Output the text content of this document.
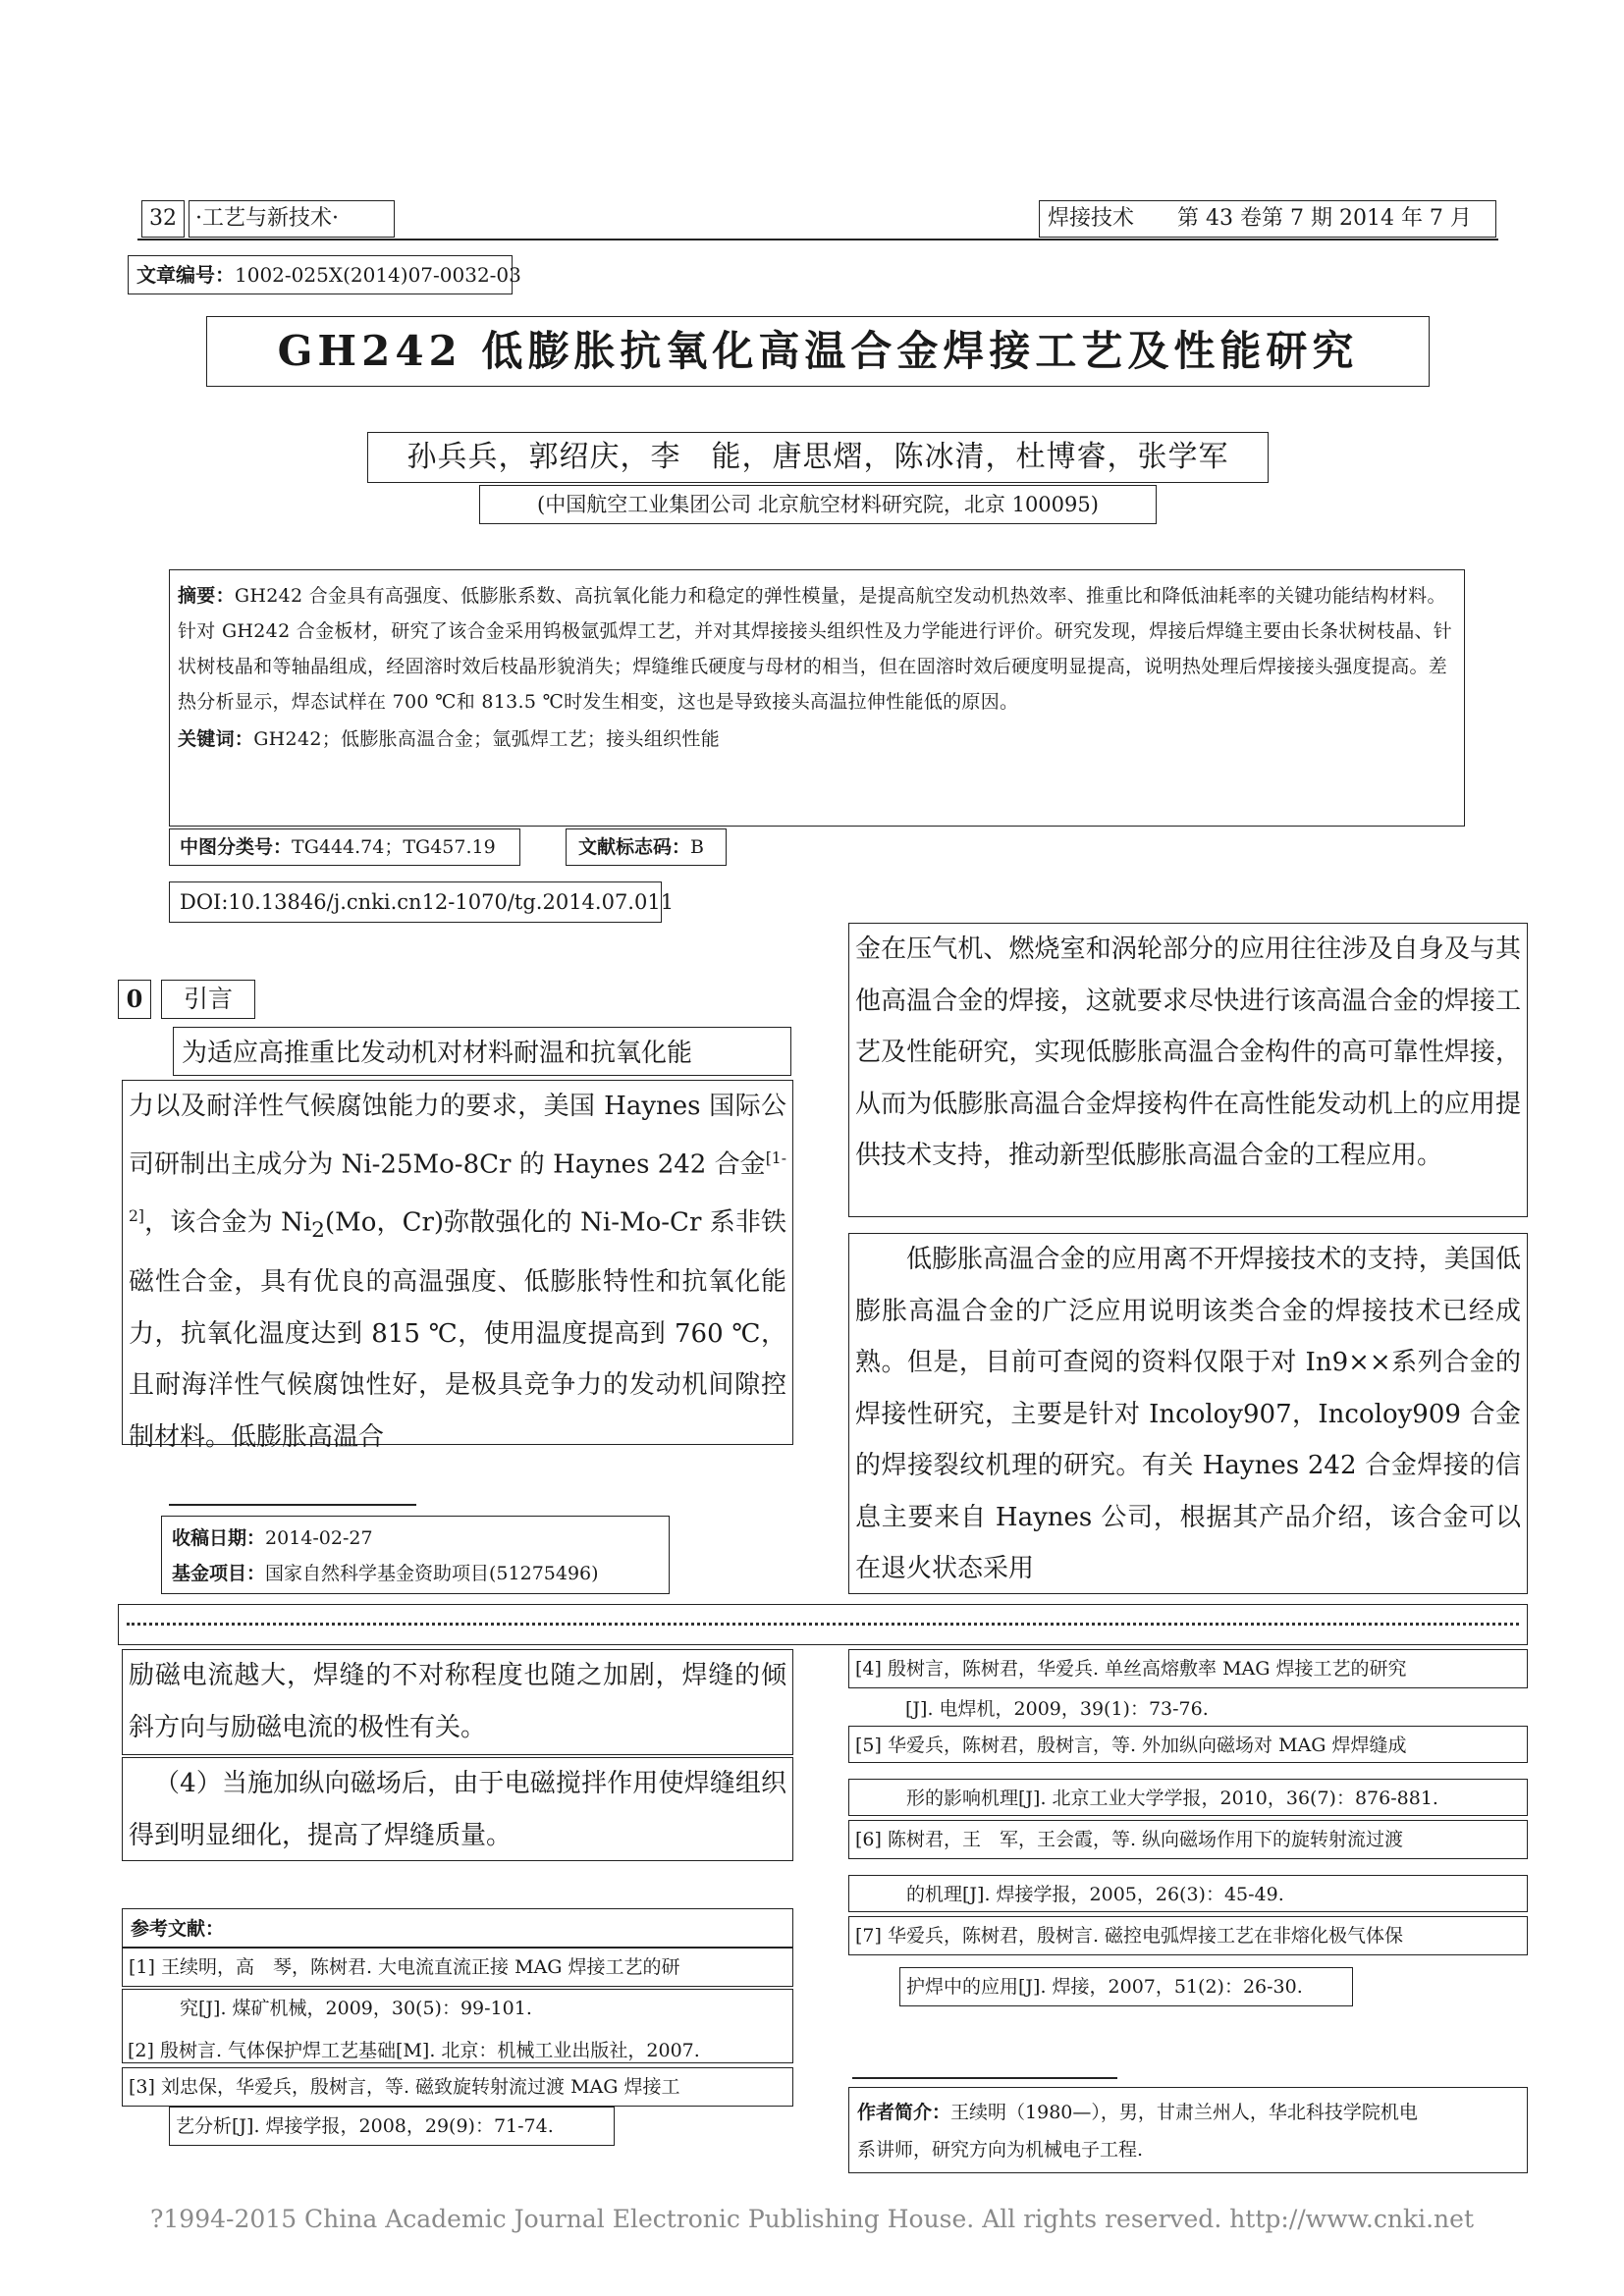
32 ·工艺与新技术·	焊接技术　　第 43 卷第 7 期 2014 年 7 月
文章编号：1002-025X(2014)07-0032-03
GH242 低膨胀抗氧化高温合金焊接工艺及性能研究
孙兵兵，郭绍庆，李　能，唐思熠，陈冰清，杜博睿，张学军
(中国航空工业集团公司 北京航空材料研究院，北京 100095)
摘要：GH242 合金具有高强度、低膨胀系数、高抗氧化能力和稳定的弹性模量，是提高航空发动机热效率、推重比和降低油耗率的关键功能结构材料。针对 GH242 合金板材，研究了该合金采用钨极氩弧焊工艺，并对其焊接接头组织性及力学能进行评价。研究发现，焊接后焊缝主要由长条状树枝晶、针状树枝晶和等轴晶组成，经固溶时效后枝晶形貌消失；焊缝维氏硬度与母材的相当，但在固溶时效后硬度明显提高，说明热处理后焊接接头强度提高。差热分析显示，焊态试样在 700 ℃和 813.5 ℃时发生相变，这也是导致接头高温拉伸性能低的原因。
关键词：GH242；低膨胀高温合金；氩弧焊工艺；接头组织性能
中图分类号：TG444.74；TG457.19	文献标志码：B
DOI:10.13846/j.cnki.cn12-1070/tg.2014.07.011
0	引言
为适应高推重比发动机对材料耐温和抗氧化能
力以及耐洋性气候腐蚀能力的要求，美国 Haynes 国际公司研制出主成分为 Ni-25Mo-8Cr 的 Haynes 242 合金[1-2]，该合金为 $Ni_2(Mo$，Cr)弥散强化的 Ni-Mo-Cr 系非铁磁性合金，具有优良的高温强度、低膨胀特性和抗氧化能力，抗氧化温度达到 815 ℃，使用温度提高到 760 ℃，且耐海洋性气候腐蚀性好，是极具竞争力的发动机间隙控制材料。低膨胀高温合
金在压气机、燃烧室和涡轮部分的应用往往涉及自身及与其他高温合金的焊接，这就要求尽快进行该高温合金的焊接工艺及性能研究，实现低膨胀高温合金构件的高可靠性焊接，从而为低膨胀高温合金焊接构件在高性能发动机上的应用提供技术支持，推动新型低膨胀高温合金的工程应用。
低膨胀高温合金的应用离不开焊接技术的支持，美国低膨胀高温合金的广泛应用说明该类合金的焊接技术已经成熟。但是，目前可查阅的资料仅限于对 In9××系列合金的焊接性研究，主要是针对 Incoloy907，Incoloy909 合金的焊接裂纹机理的研究。有关 Haynes 242 合金焊接的信息主要来自 Haynes 公司，根据其产品介绍，该合金可以在退火状态采用
收稿日期：2014-02-27
基金项目：国家自然科学基金资助项目(51275496)
励磁电流越大，焊缝的不对称程度也随之加剧，焊缝的倾斜方向与励磁电流的极性有关。
（4）当施加纵向磁场后，由于电磁搅拌作用使焊缝组织得到明显细化，提高了焊缝质量。
参考文献：
[1] 王续明，高　琴，陈树君. 大电流直流正接 MAG 焊接工艺的研
究[J]. 煤矿机械，2009，30(5)：99-101.
[2] 殷树言. 气体保护焊工艺基础[M]. 北京：机械工业出版社，2007.
[3] 刘忠保，华爱兵，殷树言，等. 磁致旋转射流过渡 MAG 焊接工
艺分析[J]. 焊接学报，2008，29(9)：71-74.
[4] 殷树言，陈树君，华爱兵. 单丝高熔敷率 MAG 焊接工艺的研究
[J]. 电焊机，2009，39(1)：73-76.
[5] 华爱兵，陈树君，殷树言，等. 外加纵向磁场对 MAG 焊焊缝成
形的影响机理[J]. 北京工业大学学报，2010，36(7)：876-881.
[6] 陈树君，王　军，王会霞，等. 纵向磁场作用下的旋转射流过渡
的机理[J]. 焊接学报，2005，26(3)：45-49.
[7] 华爱兵，陈树君，殷树言. 磁控电弧焊接工艺在非熔化极气体保
护焊中的应用[J]. 焊接，2007，51(2)：26-30.
作者简介：王续明（1980—），男，甘肃兰州人，华北科技学院机电
系讲师，研究方向为机械电子工程.
?1994-2015 China Academic Journal Electronic Publishing House. All rights reserved. http://www.cnki.net
